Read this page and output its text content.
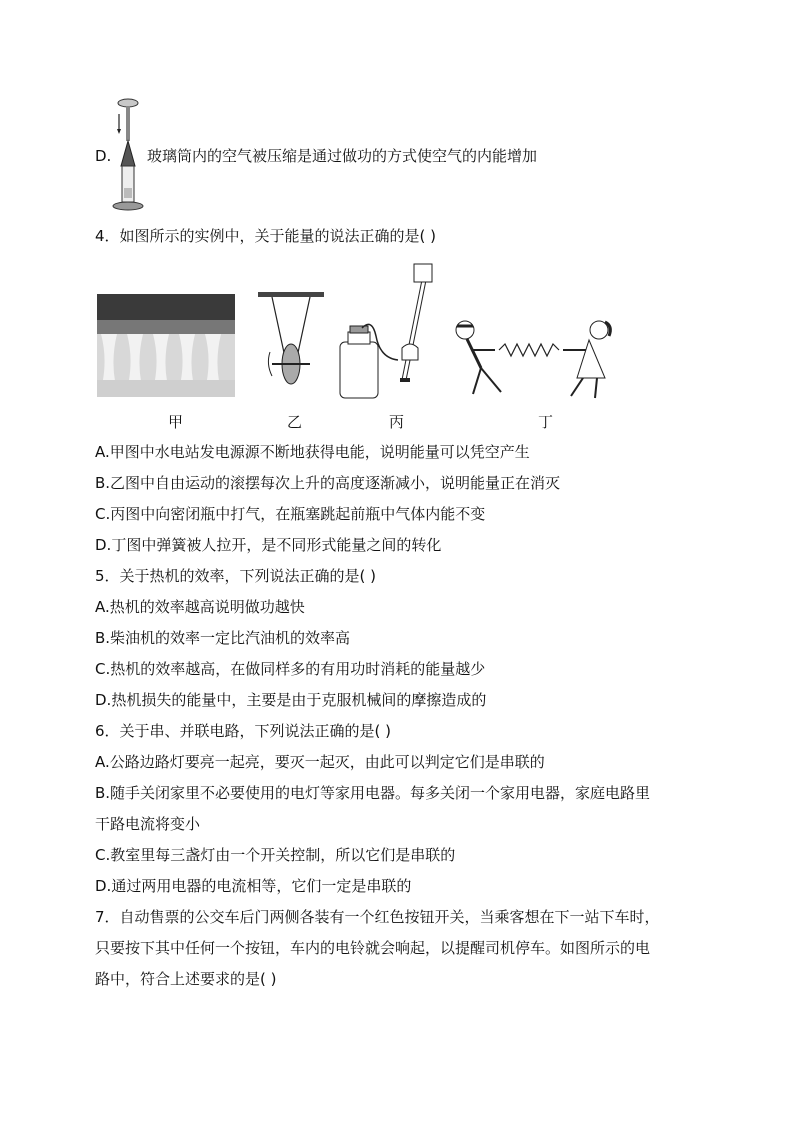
D. 玻璃筒内的空气被压缩是通过做功的方式使空气的内能增加
4．如图所示的实例中，关于能量的说法正确的是( )
甲	乙	丙	丁
A.甲图中水电站发电源源不断地获得电能，说明能量可以凭空产生
B.乙图中自由运动的滚摆每次上升的高度逐渐减小，说明能量正在消灭
C.丙图中向密闭瓶中打气，在瓶塞跳起前瓶中气体内能不变
D.丁图中弹簧被人拉开，是不同形式能量之间的转化
5．关于热机的效率，下列说法正确的是( )
A.热机的效率越高说明做功越快
B.柴油机的效率一定比汽油机的效率高
C.热机的效率越高，在做同样多的有用功时消耗的能量越少
D.热机损失的能量中，主要是由于克服机械间的摩擦造成的
6．关于串、并联电路，下列说法正确的是( )
A.公路边路灯要亮一起亮，要灭一起灭，由此可以判定它们是串联的
B.随手关闭家里不必要使用的电灯等家用电器。每多关闭一个家用电器，家庭电路里
干路电流将变小
C.教室里每三盏灯由一个开关控制，所以它们是串联的
D.通过两用电器的电流相等，它们一定是串联的
7．自动售票的公交车后门两侧各装有一个红色按钮开关，当乘客想在下一站下车时，
只要按下其中任何一个按钮，车内的电铃就会响起，以提醒司机停车。如图所示的电
路中，符合上述要求的是( )
